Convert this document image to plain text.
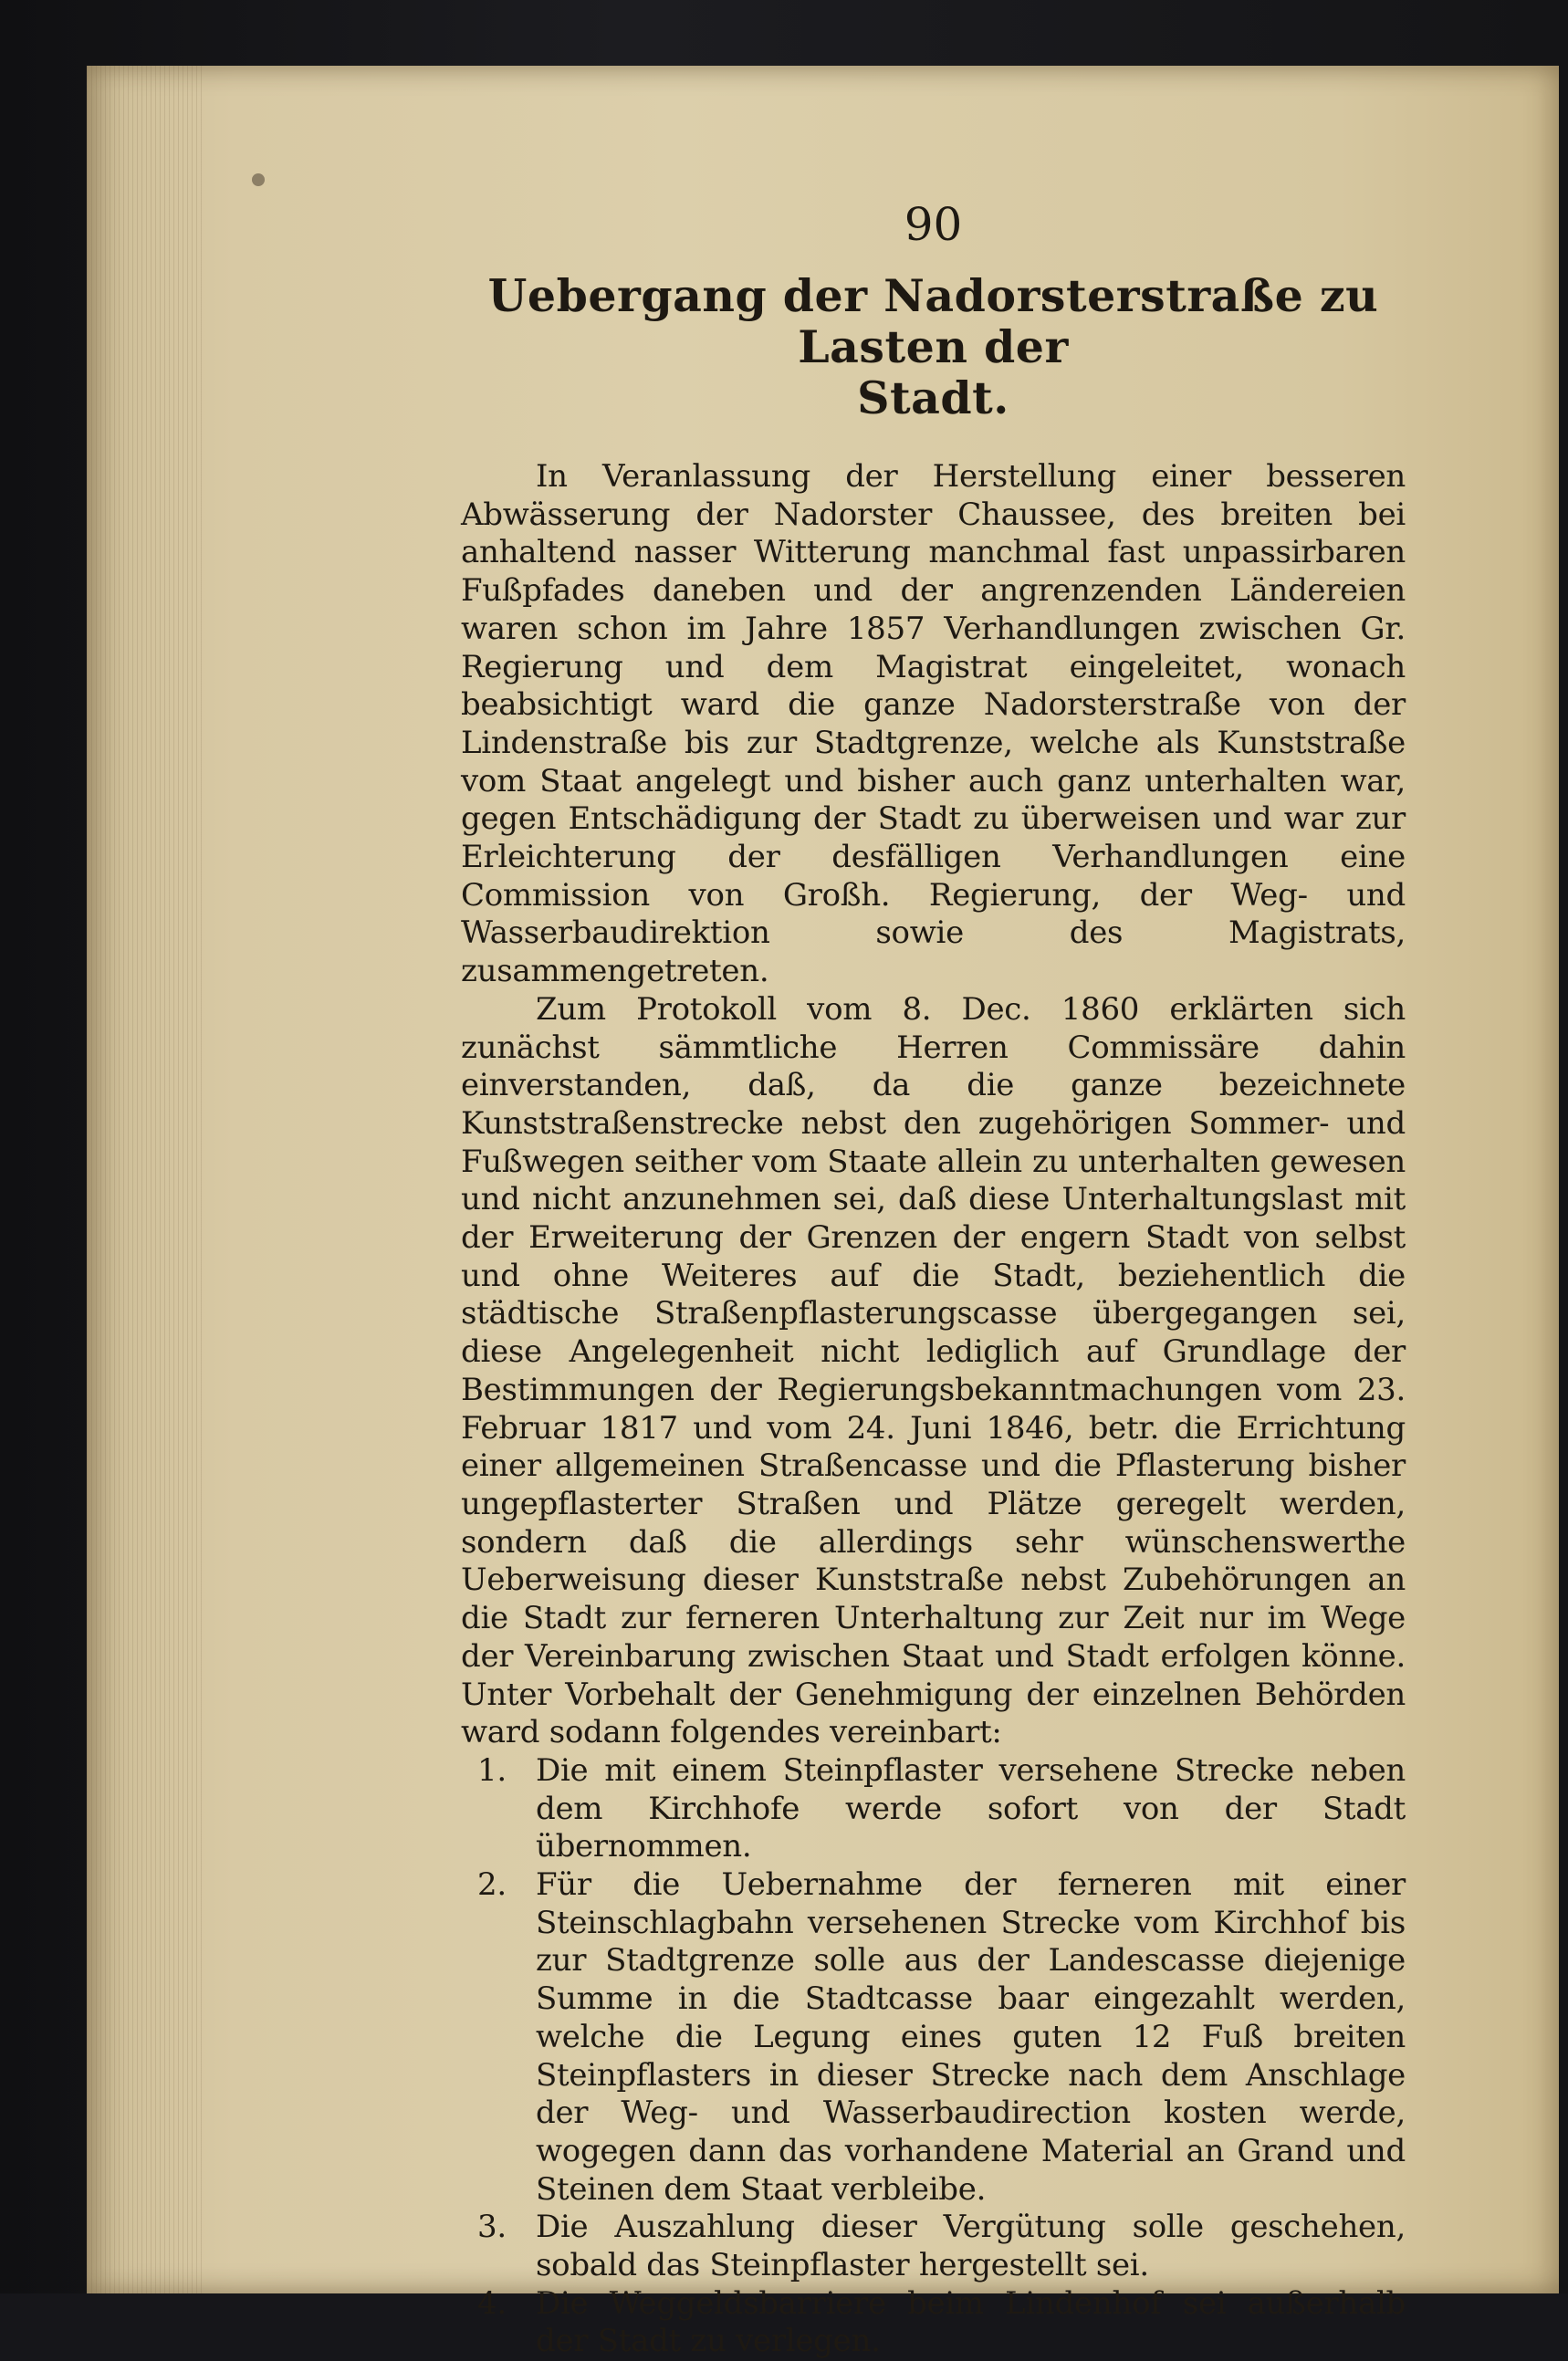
90
Uebergang der Nadorsterstraße zu Lasten der
Stadt.

In Veranlassung der Herstellung einer besseren Abwässerung der Nadorster Chaussee, des breiten bei anhaltend nasser Witterung manchmal fast unpassirbaren Fußpfades daneben und der angrenzenden Ländereien waren schon im Jahre 1857 Verhandlungen zwischen Gr. Regierung und dem Magistrat eingeleitet, wonach beabsichtigt ward die ganze Nadorsterstraße von der Lindenstraße bis zur Stadtgrenze, welche als Kunststraße vom Staat angelegt und bisher auch ganz unterhalten war, gegen Entschädigung der Stadt zu überweisen und war zur Erleichterung der desfälligen Verhandlungen eine Commission von Großh. Regierung, der Weg- und Wasserbaudirektion sowie des Magistrats, zusammengetreten.

Zum Protokoll vom 8. Dec. 1860 erklärten sich zunächst sämmtliche Herren Commissäre dahin einverstanden, daß, da die ganze bezeichnete Kunststraßenstrecke nebst den zugehörigen Sommer- und Fußwegen seither vom Staate allein zu unterhalten gewesen und nicht anzunehmen sei, daß diese Unterhaltungslast mit der Erweiterung der Grenzen der engern Stadt von selbst und ohne Weiteres auf die Stadt, beziehentlich die städtische Straßenpflasterungscasse übergegangen sei, diese Angelegenheit nicht lediglich auf Grundlage der Bestimmungen der Regierungsbekanntmachungen vom 23. Februar 1817 und vom 24. Juni 1846, betr. die Errichtung einer allgemeinen Straßencasse und die Pflasterung bisher ungepflasterter Straßen und Plätze geregelt werden, sondern daß die allerdings sehr wünschenswerthe Ueberweisung dieser Kunststraße nebst Zubehörungen an die Stadt zur ferneren Unterhaltung zur Zeit nur im Wege der Vereinbarung zwischen Staat und Stadt erfolgen könne. Unter Vorbehalt der Genehmigung der einzelnen Behörden ward sodann folgendes vereinbart:

1. Die mit einem Steinpflaster versehene Strecke neben dem Kirchhofe werde sofort von der Stadt übernommen.
2. Für die Uebernahme der ferneren mit einer Steinschlagbahn versehenen Strecke vom Kirchhof bis zur Stadtgrenze solle aus der Landescasse diejenige Summe in die Stadtcasse baar eingezahlt werden, welche die Legung eines guten 12 Fuß breiten Steinpflasters in dieser Strecke nach dem Anschlage der Weg- und Wasserbaudirection kosten werde, wogegen dann das vorhandene Material an Grand und Steinen dem Staat verbleibe.
3. Die Auszahlung dieser Vergütung solle geschehen, sobald das Steinpflaster hergestellt sei.
4. Die Weggeldsbarriere beim Lindenhof sei außerhalb der Stadt zu verlegen.
